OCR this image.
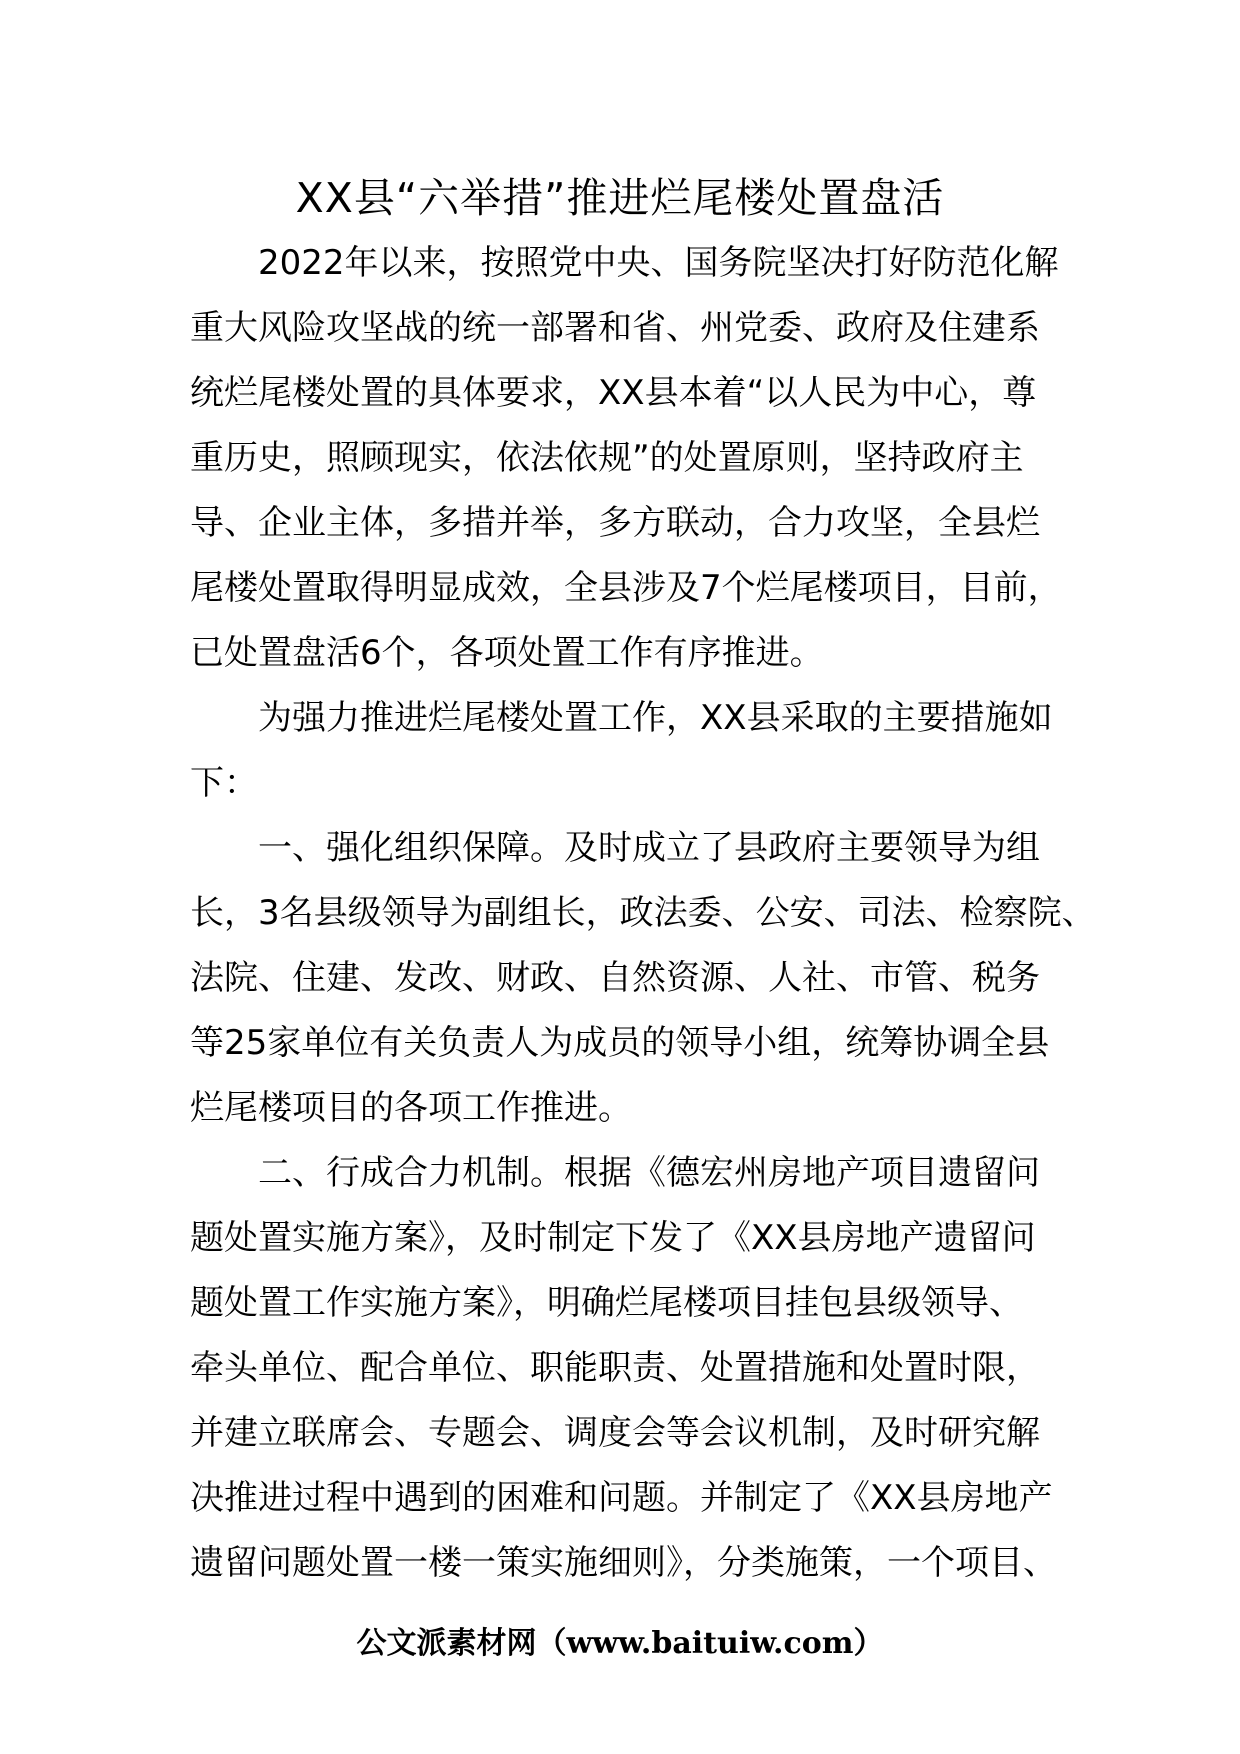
XX县“六举措”推进烂尾楼处置盘活
2022年以来，按照党中央、国务院坚决打好防范化解
重大风险攻坚战的统一部署和省、州党委、政府及住建系
统烂尾楼处置的具体要求，XX县本着“以人民为中心，尊
重历史，照顾现实，依法依规”的处置原则，坚持政府主
导、企业主体，多措并举，多方联动，合力攻坚，全县烂
尾楼处置取得明显成效，全县涉及7个烂尾楼项目，目前，
已处置盘活6个，各项处置工作有序推进。
为强力推进烂尾楼处置工作，XX县采取的主要措施如
下：
一、强化组织保障。及时成立了县政府主要领导为组
长，3名县级领导为副组长，政法委、公安、司法、检察院、
法院、住建、发改、财政、自然资源、人社、市管、税务
等25家单位有关负责人为成员的领导小组，统筹协调全县
烂尾楼项目的各项工作推进。
二、行成合力机制。根据《德宏州房地产项目遗留问
题处置实施方案》，及时制定下发了《XX县房地产遗留问
题处置工作实施方案》，明确烂尾楼项目挂包县级领导、
牵头单位、配合单位、职能职责、处置措施和处置时限，
并建立联席会、专题会、调度会等会议机制，及时研究解
决推进过程中遇到的困难和问题。并制定了《XX县房地产
遗留问题处置一楼一策实施细则》，分类施策，一个项目、
公文派素材网（www.baituiw.com）
